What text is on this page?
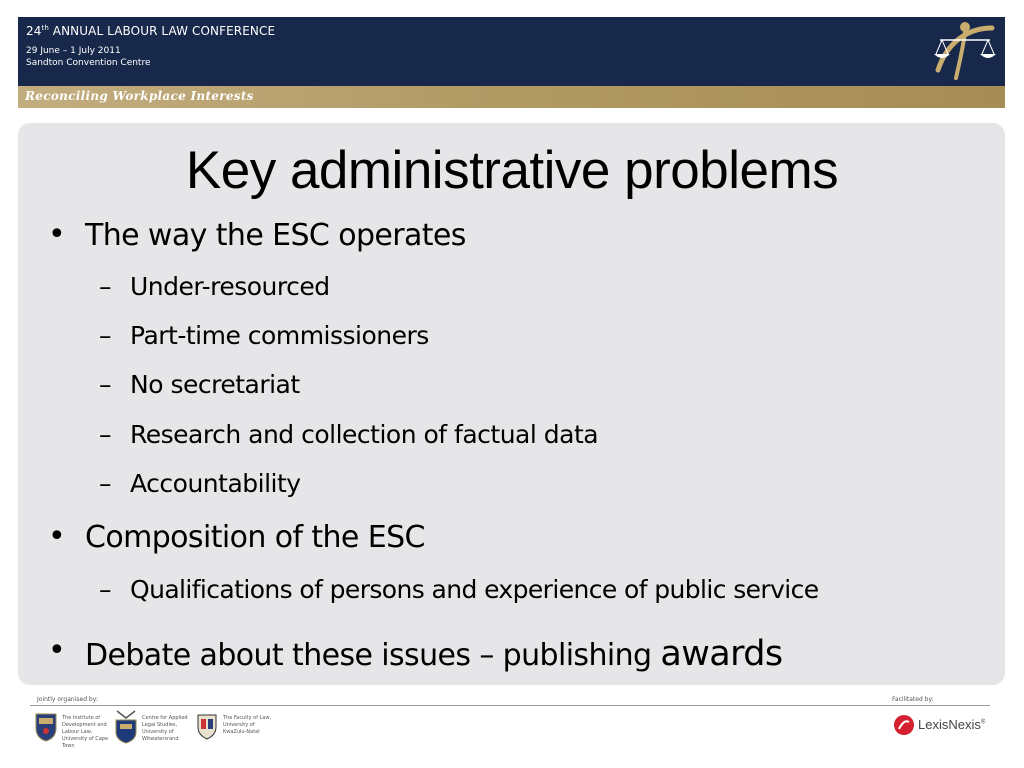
24th ANNUAL LABOUR LAW CONFERENCE
29 June – 1 July 2011
Sandton Convention Centre
Reconciling Workplace Interests
Key administrative problems
• The way the ESC operates
– Under-resourced
– Part-time commissioners
– No secretariat
– Research and collection of factual data
– Accountability
• Composition of the ESC
– Qualifications of persons and experience of public service
• Debate about these issues – publishing awards
Jointly organised by:	Facilitated by:
The Institute of Development and Labour Law, University of Cape Town
Centre for Applied Legal Studies, University of Witwatersrand
The Faculty of Law, University of KwaZulu-Natal	LexisNexis®
